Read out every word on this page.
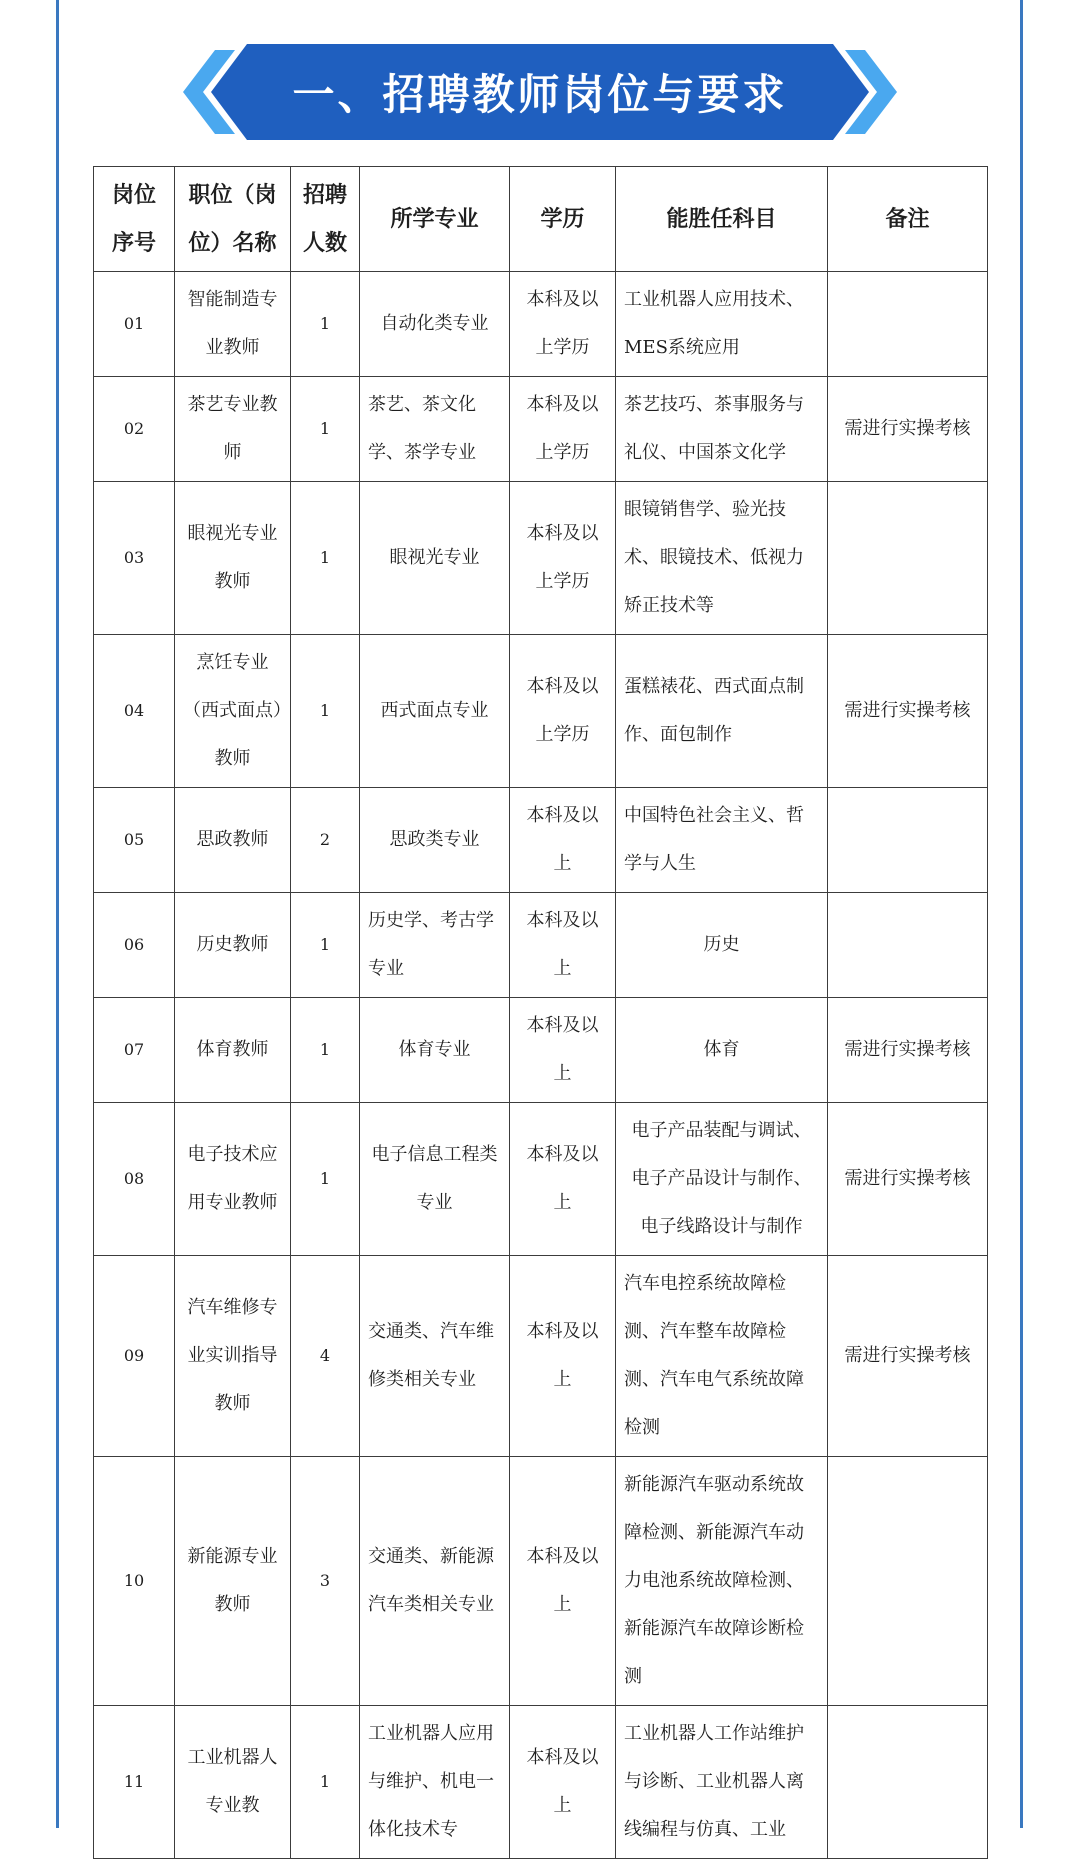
一、招聘教师岗位与要求
岗位序号	职位（岗位）名称	招聘人数	所学专业	学历	能胜任科目	备注
01	智能制造专业教师	1	自动化类专业	本科及以上学历	工业机器人应用技术、MES系统应用	
02	茶艺专业教师	1	茶艺、茶文化学、茶学专业	本科及以上学历	茶艺技巧、茶事服务与礼仪、中国茶文化学	需进行实操考核
03	眼视光专业教师	1	眼视光专业	本科及以上学历	眼镜销售学、验光技术、眼镜技术、低视力矫正技术等	
04	烹饪专业（西式面点）教师	1	西式面点专业	本科及以上学历	蛋糕裱花、西式面点制作、面包制作	需进行实操考核
05	思政教师	2	思政类专业	本科及以上	中国特色社会主义、哲学与人生	
06	历史教师	1	历史学、考古学专业	本科及以上	历史	
07	体育教师	1	体育专业	本科及以上	体育	需进行实操考核
08	电子技术应用专业教师	1	电子信息工程类专业	本科及以上	电子产品装配与调试、电子产品设计与制作、电子线路设计与制作	需进行实操考核
09	汽车维修专业实训指导教师	4	交通类、汽车维修类相关专业	本科及以上	汽车电控系统故障检测、汽车整车故障检测、汽车电气系统故障检测	需进行实操考核
10	新能源专业教师	3	交通类、新能源汽车类相关专业	本科及以上	新能源汽车驱动系统故障检测、新能源汽车动力电池系统故障检测、新能源汽车故障诊断检测	
11	工业机器人专业教	1	工业机器人应用与维护、机电一体化技术专	本科及以上	工业机器人工作站维护与诊断、工业机器人离线编程与仿真、工业	
